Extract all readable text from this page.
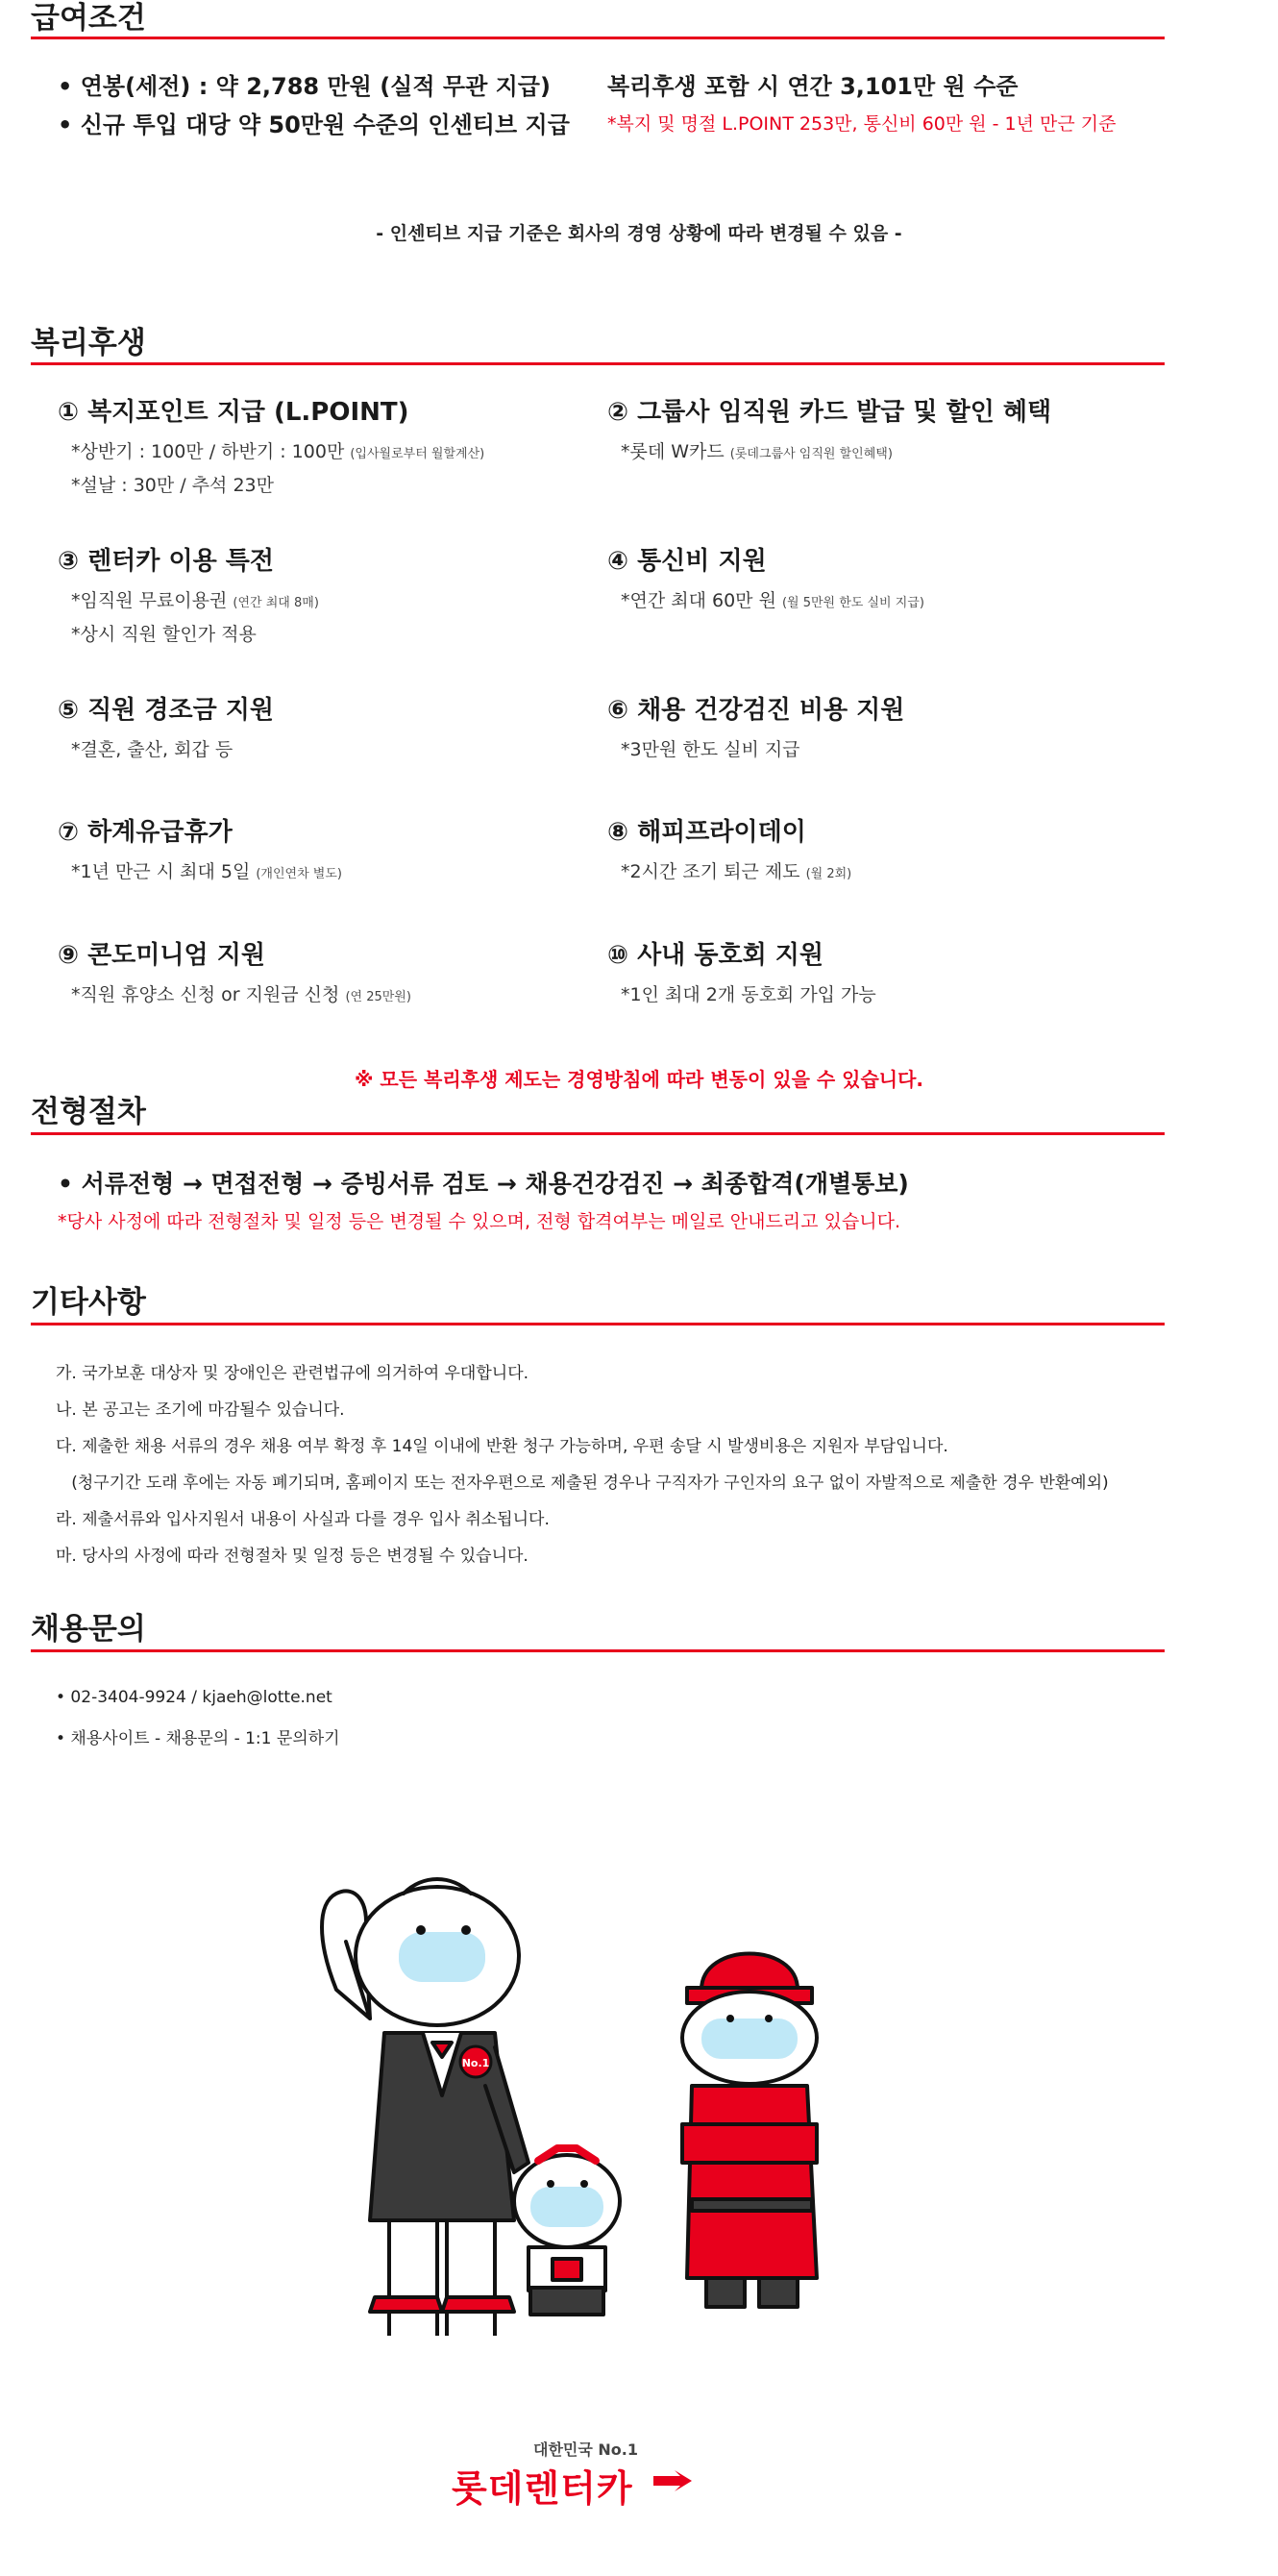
급여조건
• 연봉(세전) : 약 2,788 만원 (실적 무관 지급)
• 신규 투입 대당 약 50만원 수준의 인센티브 지급
복리후생 포함 시 연간 3,101만 원 수준
*복지 및 명절 L.POINT 253만, 통신비 60만 원 - 1년 만근 기준
- 인센티브 지급 기준은 회사의 경영 상황에 따라 변경될 수 있음 -
복리후생
① 복지포인트 지급 (L.POINT)
*상반기 : 100만 / 하반기 : 100만 (입사월로부터 월할계산)
*설날 : 30만 / 추석 23만
② 그룹사 임직원 카드 발급 및 할인 혜택
*롯데 W카드 (롯데그룹사 임직원 할인혜택)
③ 렌터카 이용 특전
*임직원 무료이용권 (연간 최대 8매)
*상시 직원 할인가 적용
④ 통신비 지원
*연간 최대 60만 원 (월 5만원 한도 실비 지급)
⑤ 직원 경조금 지원
*결혼, 출산, 회갑 등
⑥ 채용 건강검진 비용 지원
*3만원 한도 실비 지급
⑦ 하계유급휴가
*1년 만근 시 최대 5일 (개인연차 별도)
⑧ 해피프라이데이
*2시간 조기 퇴근 제도 (월 2회)
⑨ 콘도미니엄 지원
*직원 휴양소 신청 or 지원금 신청 (연 25만원)
⑩ 사내 동호회 지원
*1인 최대 2개 동호회 가입 가능
※ 모든 복리후생 제도는 경영방침에 따라 변동이 있을 수 있습니다.
전형절차
• 서류전형 → 면접전형 → 증빙서류 검토 → 채용건강검진 → 최종합격(개별통보)
*당사 사정에 따라 전형절차 및 일정 등은 변경될 수 있으며, 전형 합격여부는 메일로 안내드리고 있습니다.
기타사항
가. 국가보훈 대상자 및 장애인은 관련법규에 의거하여 우대합니다.
나. 본 공고는 조기에 마감될수 있습니다.
다. 제출한 채용 서류의 경우 채용 여부 확정 후 14일 이내에 반환 청구 가능하며, 우편 송달 시 발생비용은 지원자 부담입니다.
(청구기간 도래 후에는 자동 폐기되며, 홈페이지 또는 전자우편으로 제출된 경우나 구직자가 구인자의 요구 없이 자발적으로 제출한 경우 반환예외)
라. 제출서류와 입사지원서 내용이 사실과 다를 경우 입사 취소됩니다.
마. 당사의 사정에 따라 전형절차 및 일정 등은 변경될 수 있습니다.
채용문의
• 02-3404-9924 / kjaeh@lotte.net
• 채용사이트 - 채용문의 - 1:1 문의하기
No.1
대한민국 No.1
롯데렌터카
